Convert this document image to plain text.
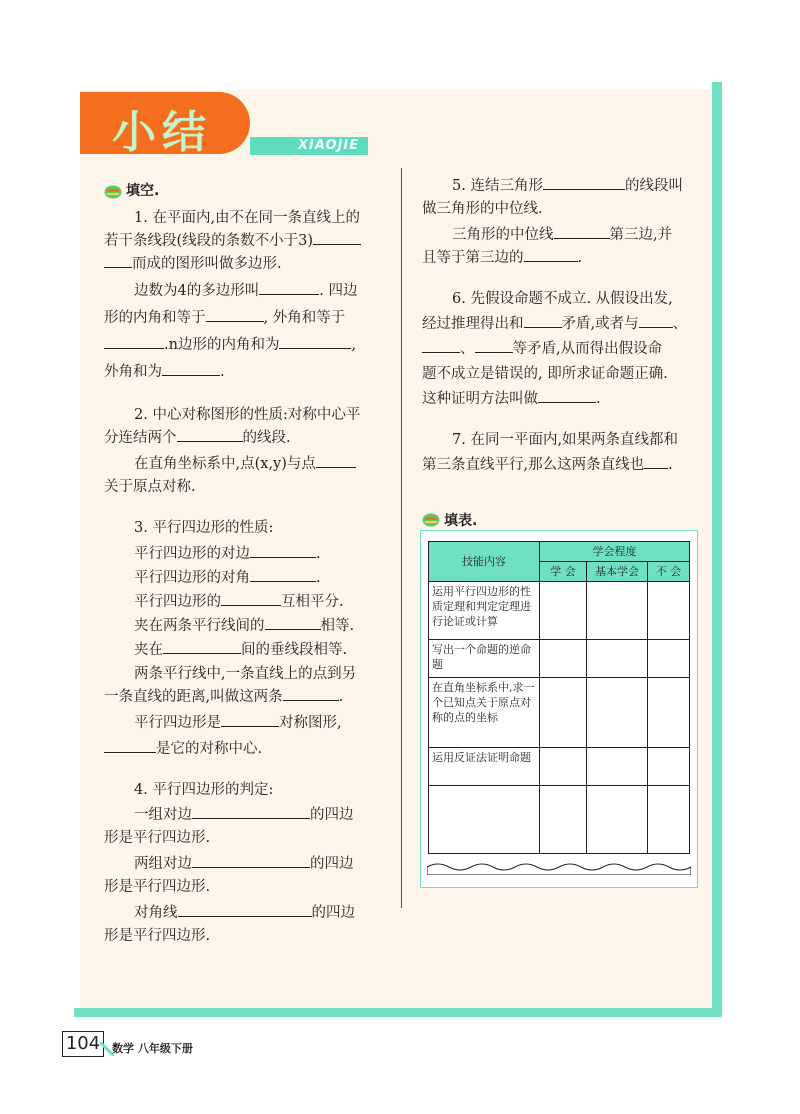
小结	XIAOJIE
填空.

1. 在平面内,由不在同一条直线上的

若干条线段(线段的条数不小于3)

而成的图形叫做多边形.

边数为4的多边形叫	. 四边

形的内角和等于	, 外角和等于

.n边形的内角和为	,

外角和为	.

2. 中心对称图形的性质:对称中心平

分连结两个	的线段.

在直角坐标系中,点(x,y)与点

关于原点对称.

3. 平行四边形的性质:

平行四边形的对边	.

平行四边形的对角	.

平行四边形的	互相平分.

夹在两条平行线间的	相等.

夹在	间的垂线段相等.

两条平行线中,一条直线上的点到另

一条直线的距离,叫做这两条	.

平行四边形是	对称图形,

是它的对称中心.

4. 平行四边形的判定:

一组对边	的四边

形是平行四边形.

两组对边	的四边

形是平行四边形.

对角线	的四边

形是平行四边形.

5. 连结三角形	的线段叫

做三角形的中位线.

三角形的中位线	第三边,并

且等于第三边的	.

6. 先假设命题不成立. 从假设出发,

经过推理得出和	矛盾,或者与 、

、	等矛盾,从而得出假设命

题不成立是错误的, 即所求证命题正确.

这种证明方法叫做	.

7. 在同一平面内,如果两条直线都和

第三条直线平行,那么这两条直线也 .

填表.
技能内容	学会程度		
	学 会	基本学会	不 会
运用平行四边形的性质定理和判定定理进行论证或计算			
写出一个命题的逆命题			
在直角坐标系中,求一个已知点关于原点对称的点的坐标			
运用反证法证明命题			

104	数学 八年级下册
